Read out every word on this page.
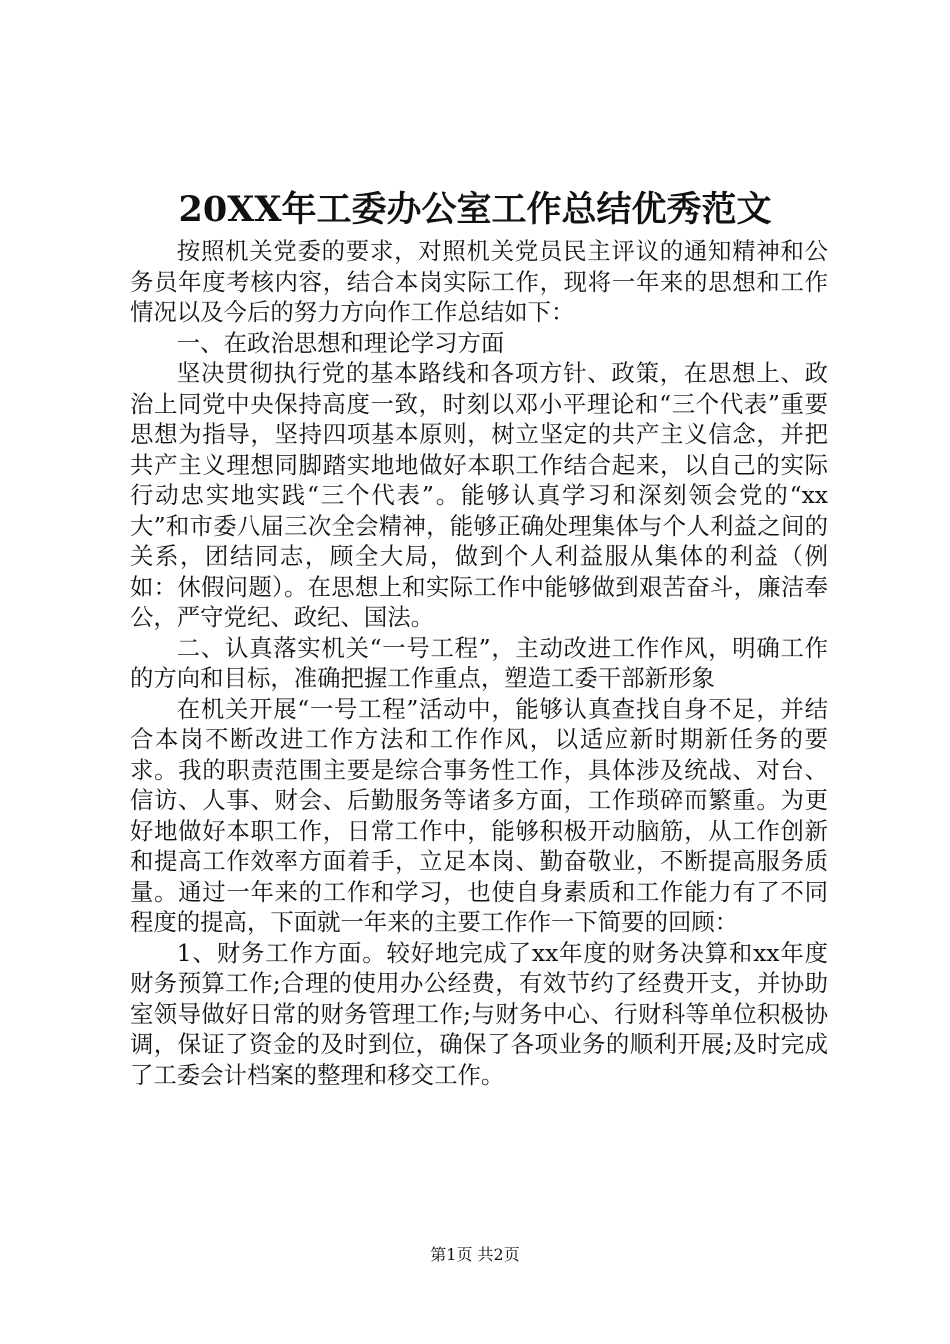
20XX年工委办公室工作总结优秀范文

按照机关党委的要求，对照机关党员民主评议的通知精神和公务员年度考核内容，结合本岗实际工作，现将一年来的思想和工作情况以及今后的努力方向作工作总结如下：

一、在政治思想和理论学习方面

坚决贯彻执行党的基本路线和各项方针、政策，在思想上、政治上同党中央保持高度一致，时刻以邓小平理论和“三个代表”重要思想为指导，坚持四项基本原则，树立坚定的共产主义信念，并把共产主义理想同脚踏实地地做好本职工作结合起来，以自己的实际行动忠实地实践“三个代表”。能够认真学习和深刻领会党的“xx大”和市委八届三次全会精神，能够正确处理集体与个人利益之间的关系，团结同志，顾全大局，做到个人利益服从集体的利益（例如：休假问题）。在思想上和实际工作中能够做到艰苦奋斗，廉洁奉公，严守党纪、政纪、国法。

二、认真落实机关“一号工程”，主动改进工作作风，明确工作的方向和目标，准确把握工作重点，塑造工委干部新形象

在机关开展“一号工程”活动中，能够认真查找自身不足，并结合本岗不断改进工作方法和工作作风，以适应新时期新任务的要求。我的职责范围主要是综合事务性工作，具体涉及统战、对台、信访、人事、财会、后勤服务等诸多方面，工作琐碎而繁重。为更好地做好本职工作，日常工作中，能够积极开动脑筋，从工作创新和提高工作效率方面着手，立足本岗、勤奋敬业，不断提高服务质量。通过一年来的工作和学习，也使自身素质和工作能力有了不同程度的提高，下面就一年来的主要工作作一下简要的回顾：

1、财务工作方面。较好地完成了xx年度的财务决算和xx年度财务预算工作;合理的使用办公经费，有效节约了经费开支，并协助室领导做好日常的财务管理工作;与财务中心、行财科等单位积极协调，保证了资金的及时到位，确保了各项业务的顺利开展;及时完成了工委会计档案的整理和移交工作。

第1页 共2页
